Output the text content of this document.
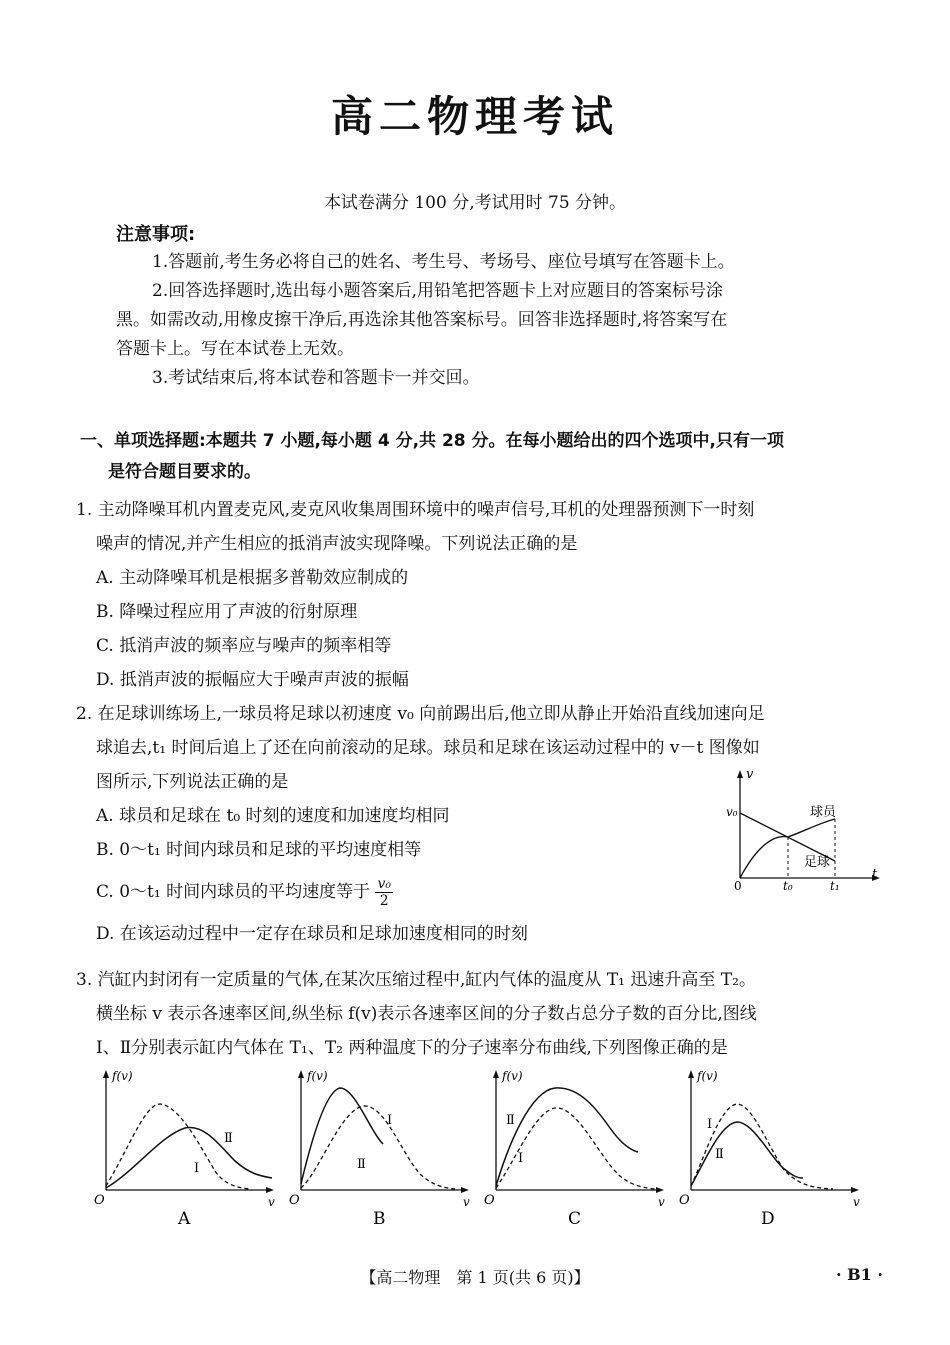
高二物理考试
本试卷满分 100 分,考试用时 75 分钟。
注意事项:

1.答题前,考生务必将自己的姓名、考生号、考场号、座位号填写在答题卡上。

2.回答选择题时,选出每小题答案后,用铅笔把答题卡上对应题目的答案标号涂

黑。如需改动,用橡皮擦干净后,再选涂其他答案标号。回答非选择题时,将答案写在

答题卡上。写在本试卷上无效。

3.考试结束后,将本试卷和答题卡一并交回。

一、单项选择题:本题共 7 小题,每小题 4 分,共 28 分。在每小题给出的四个选项中,只有一项
是符合题目要求的。
1. 主动降噪耳机内置麦克风,麦克风收集周围环境中的噪声信号,耳机的处理器预测下一时刻
噪声的情况,并产生相应的抵消声波实现降噪。下列说法正确的是
A. 主动降噪耳机是根据多普勒效应制成的
B. 降噪过程应用了声波的衍射原理
C. 抵消声波的频率应与噪声的频率相等
D. 抵消声波的振幅应大于噪声声波的振幅
2. 在足球训练场上,一球员将足球以初速度 v₀ 向前踢出后,他立即从静止开始沿直线加速向足
球追去,t₁ 时间后追上了还在向前滚动的足球。球员和足球在该运动过程中的 v－t 图像如
图所示,下列说法正确的是
A. 球员和足球在 t₀ 时刻的速度和加速度均相同
B. 0～t₁ 时间内球员和足球的平均速度相等
C. 0～t₁ 时间内球员的平均速度等于 $\frac{\text{v₀}}{2}$
D. 在该运动过程中一定存在球员和足球加速度相同的时刻
v
t
0
v₀
t₀	t₁
球员
足球
3. 汽缸内封闭有一定质量的气体,在某次压缩过程中,缸内气体的温度从 T₁ 迅速升高至 T₂。
横坐标 v 表示各速率区间,纵坐标 f(v)表示各速率区间的分子数占总分子数的百分比,图线
Ⅰ、Ⅱ分别表示缸内气体在 T₁、T₂ 两种温度下的分子速率分布曲线,下列图像正确的是
f(v)
v
O
Ⅰ
Ⅱ
A
f(v)
v
O
Ⅰ
Ⅱ
B
f(v)
v
O
Ⅰ
Ⅱ
C
f(v)
v
O
Ⅰ
Ⅱ
D
【高二物理　第 1 页(共 6 页)】	· B1 ·
